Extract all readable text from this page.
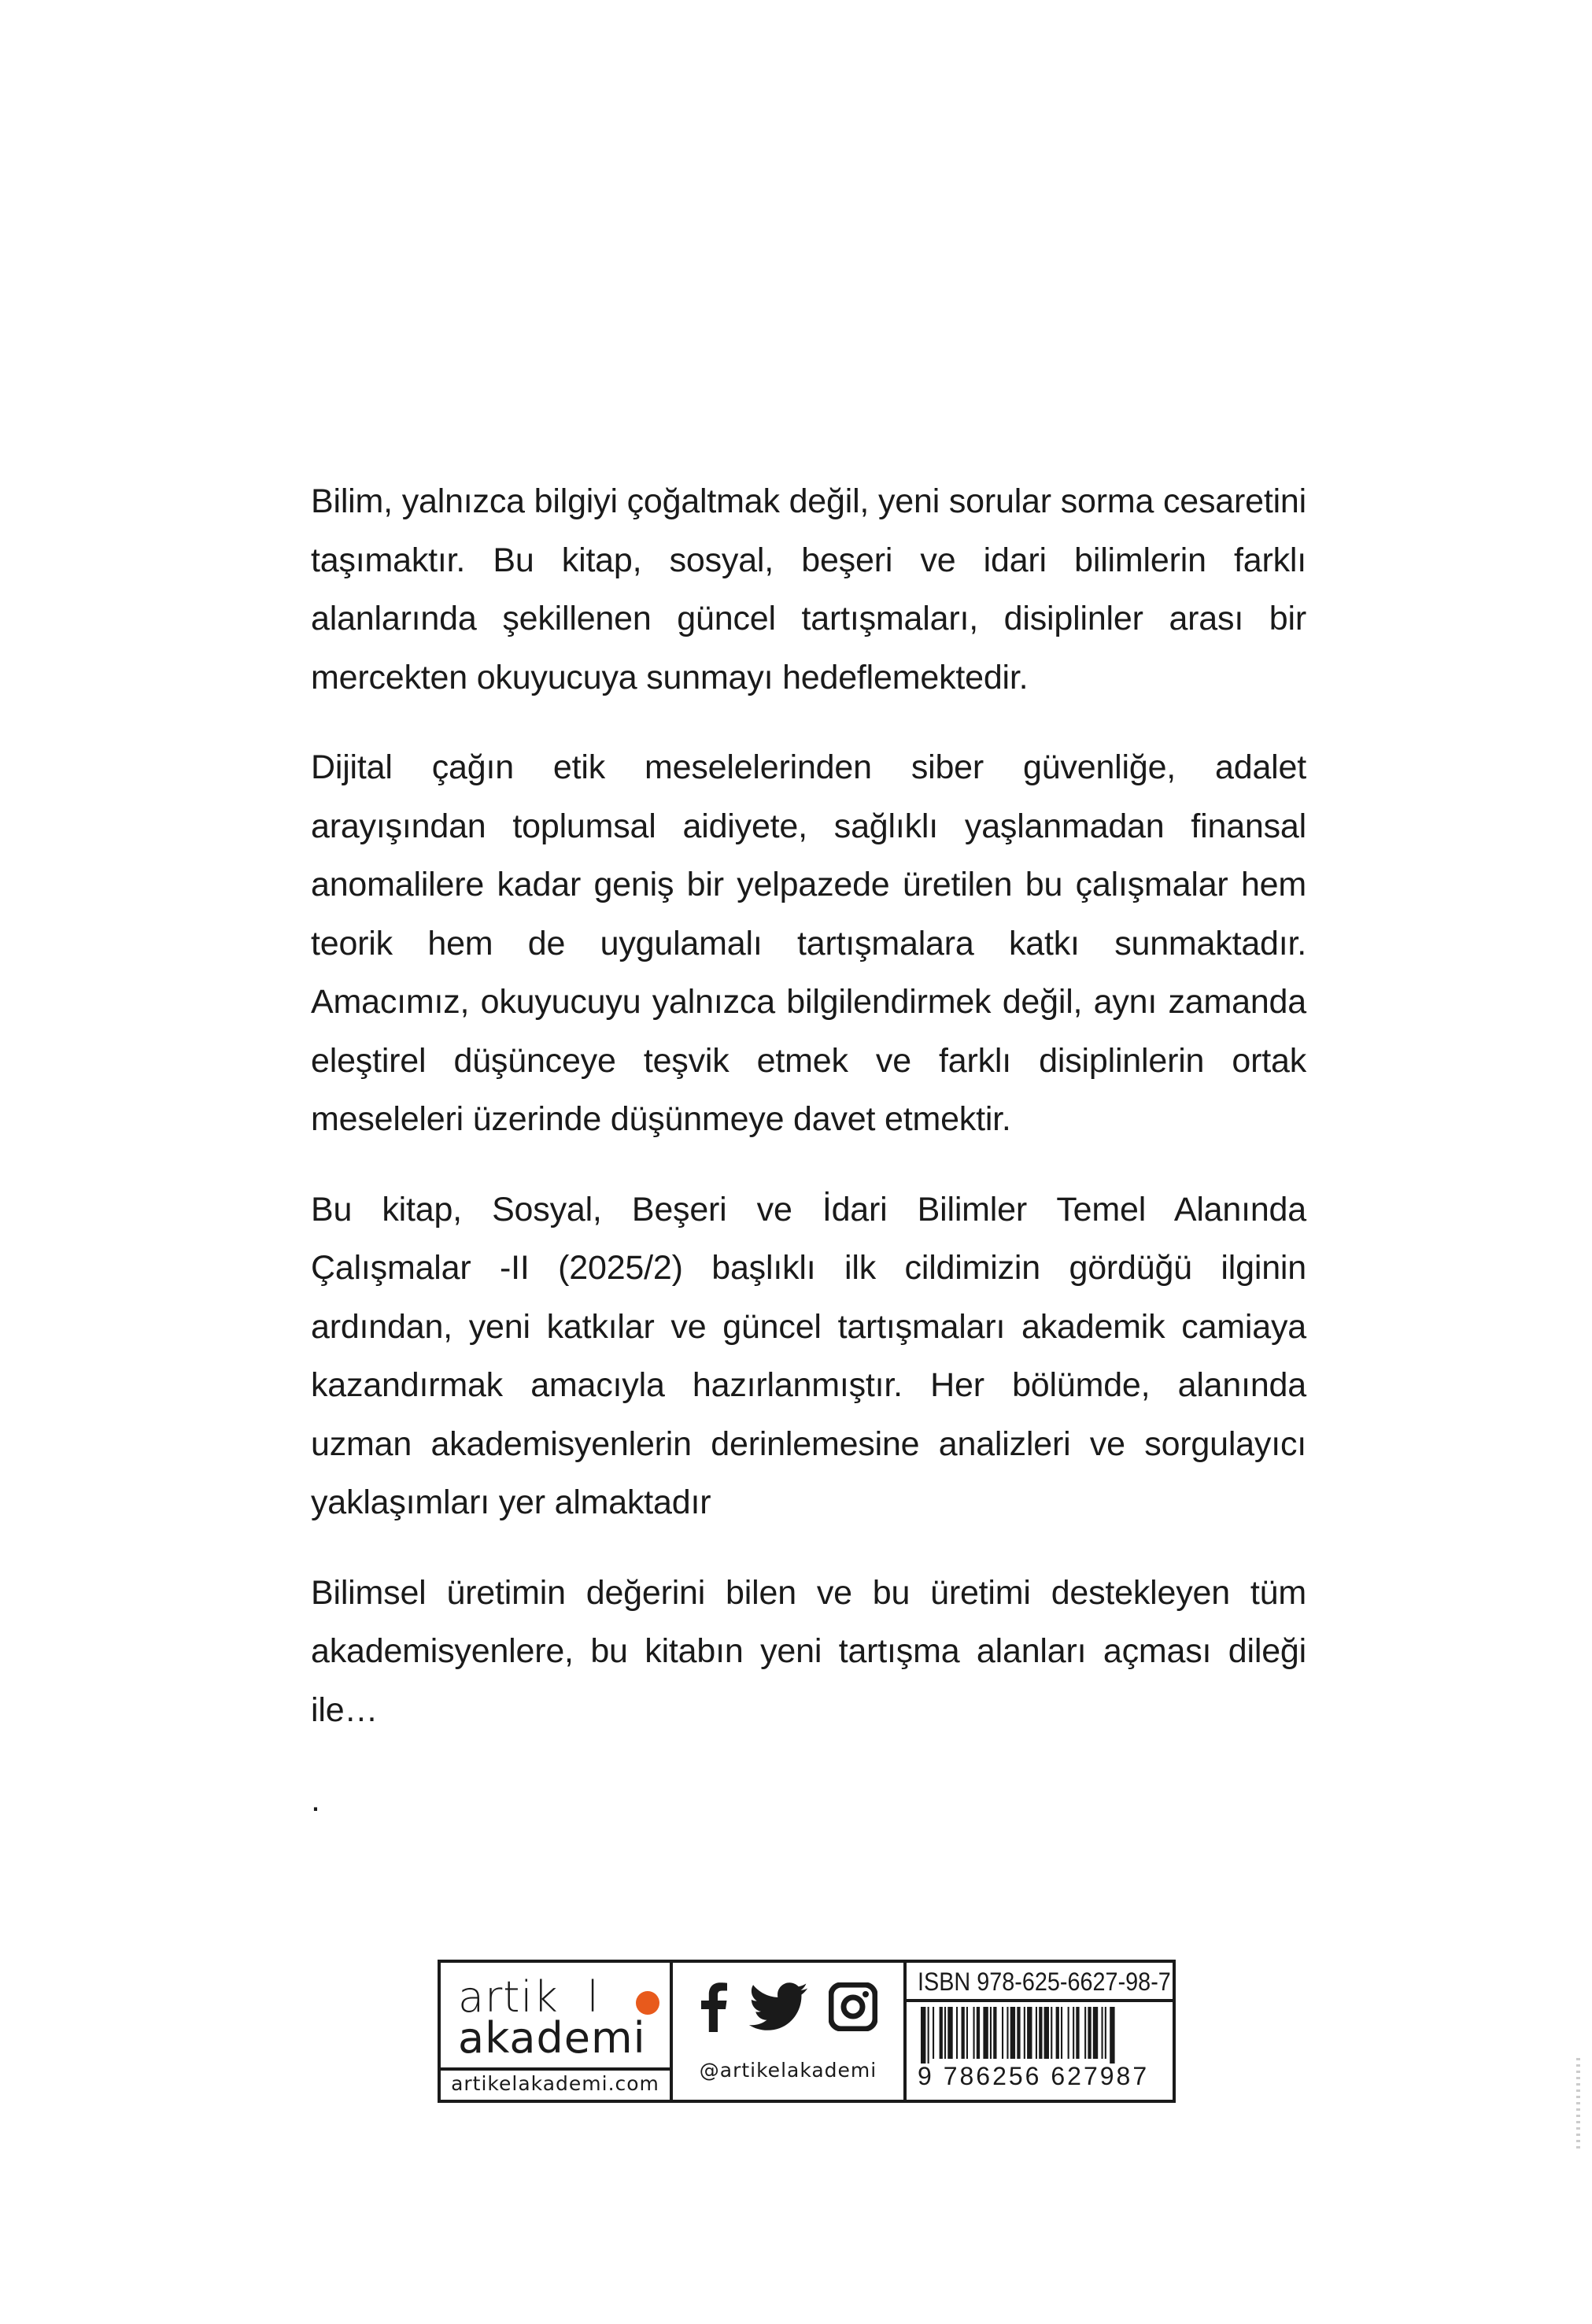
Bilim, yalnızca bilgiyi çoğaltmak değil, yeni sorular sorma cesaretini taşımaktır. Bu kitap, sosyal, beşeri ve idari bilimlerin farklı alanlarında şekillenen güncel tartışmaları, disiplinler arası bir mercekten okuyucuya sunmayı hedeflemektedir.

Dijital çağın etik meselelerinden siber güvenliğe, adalet arayışından toplumsal aidiyete, sağlıklı yaşlanmadan finansal anomalilere kadar geniş bir yelpazede üretilen bu çalışmalar hem teorik hem de uygulamalı tartışmalara katkı sunmaktadır. Amacımız, okuyucuyu yalnızca bilgilendirmek değil, aynı zamanda eleştirel düşünceye teşvik etmek ve farklı disiplinlerin ortak meseleleri üzerinde düşünmeye davet etmektir.

Bu kitap, Sosyal, Beşeri ve İdari Bilimler Temel Alanında Çalışmalar -II (2025/2) başlıklı ilk cildimizin gördüğü ilginin ardından, yeni katkılar ve güncel tartışmaları akademik camiaya kazandırmak amacıyla hazırlanmıştır. Her bölümde, alanında uzman akademisyenlerin derinlemesine analizleri ve sorgulayıcı yaklaşımları yer almaktadır

Bilimsel üretimin değerini bilen ve bu üretimi destekleyen tüm akademisyenlere, bu kitabın yeni tartışma alanları açması dileği ile…

.

artik l
akademi
artikelakademi.com
@artikelakademi
ISBN 978-625-6627-98-7
9 786256 627987
